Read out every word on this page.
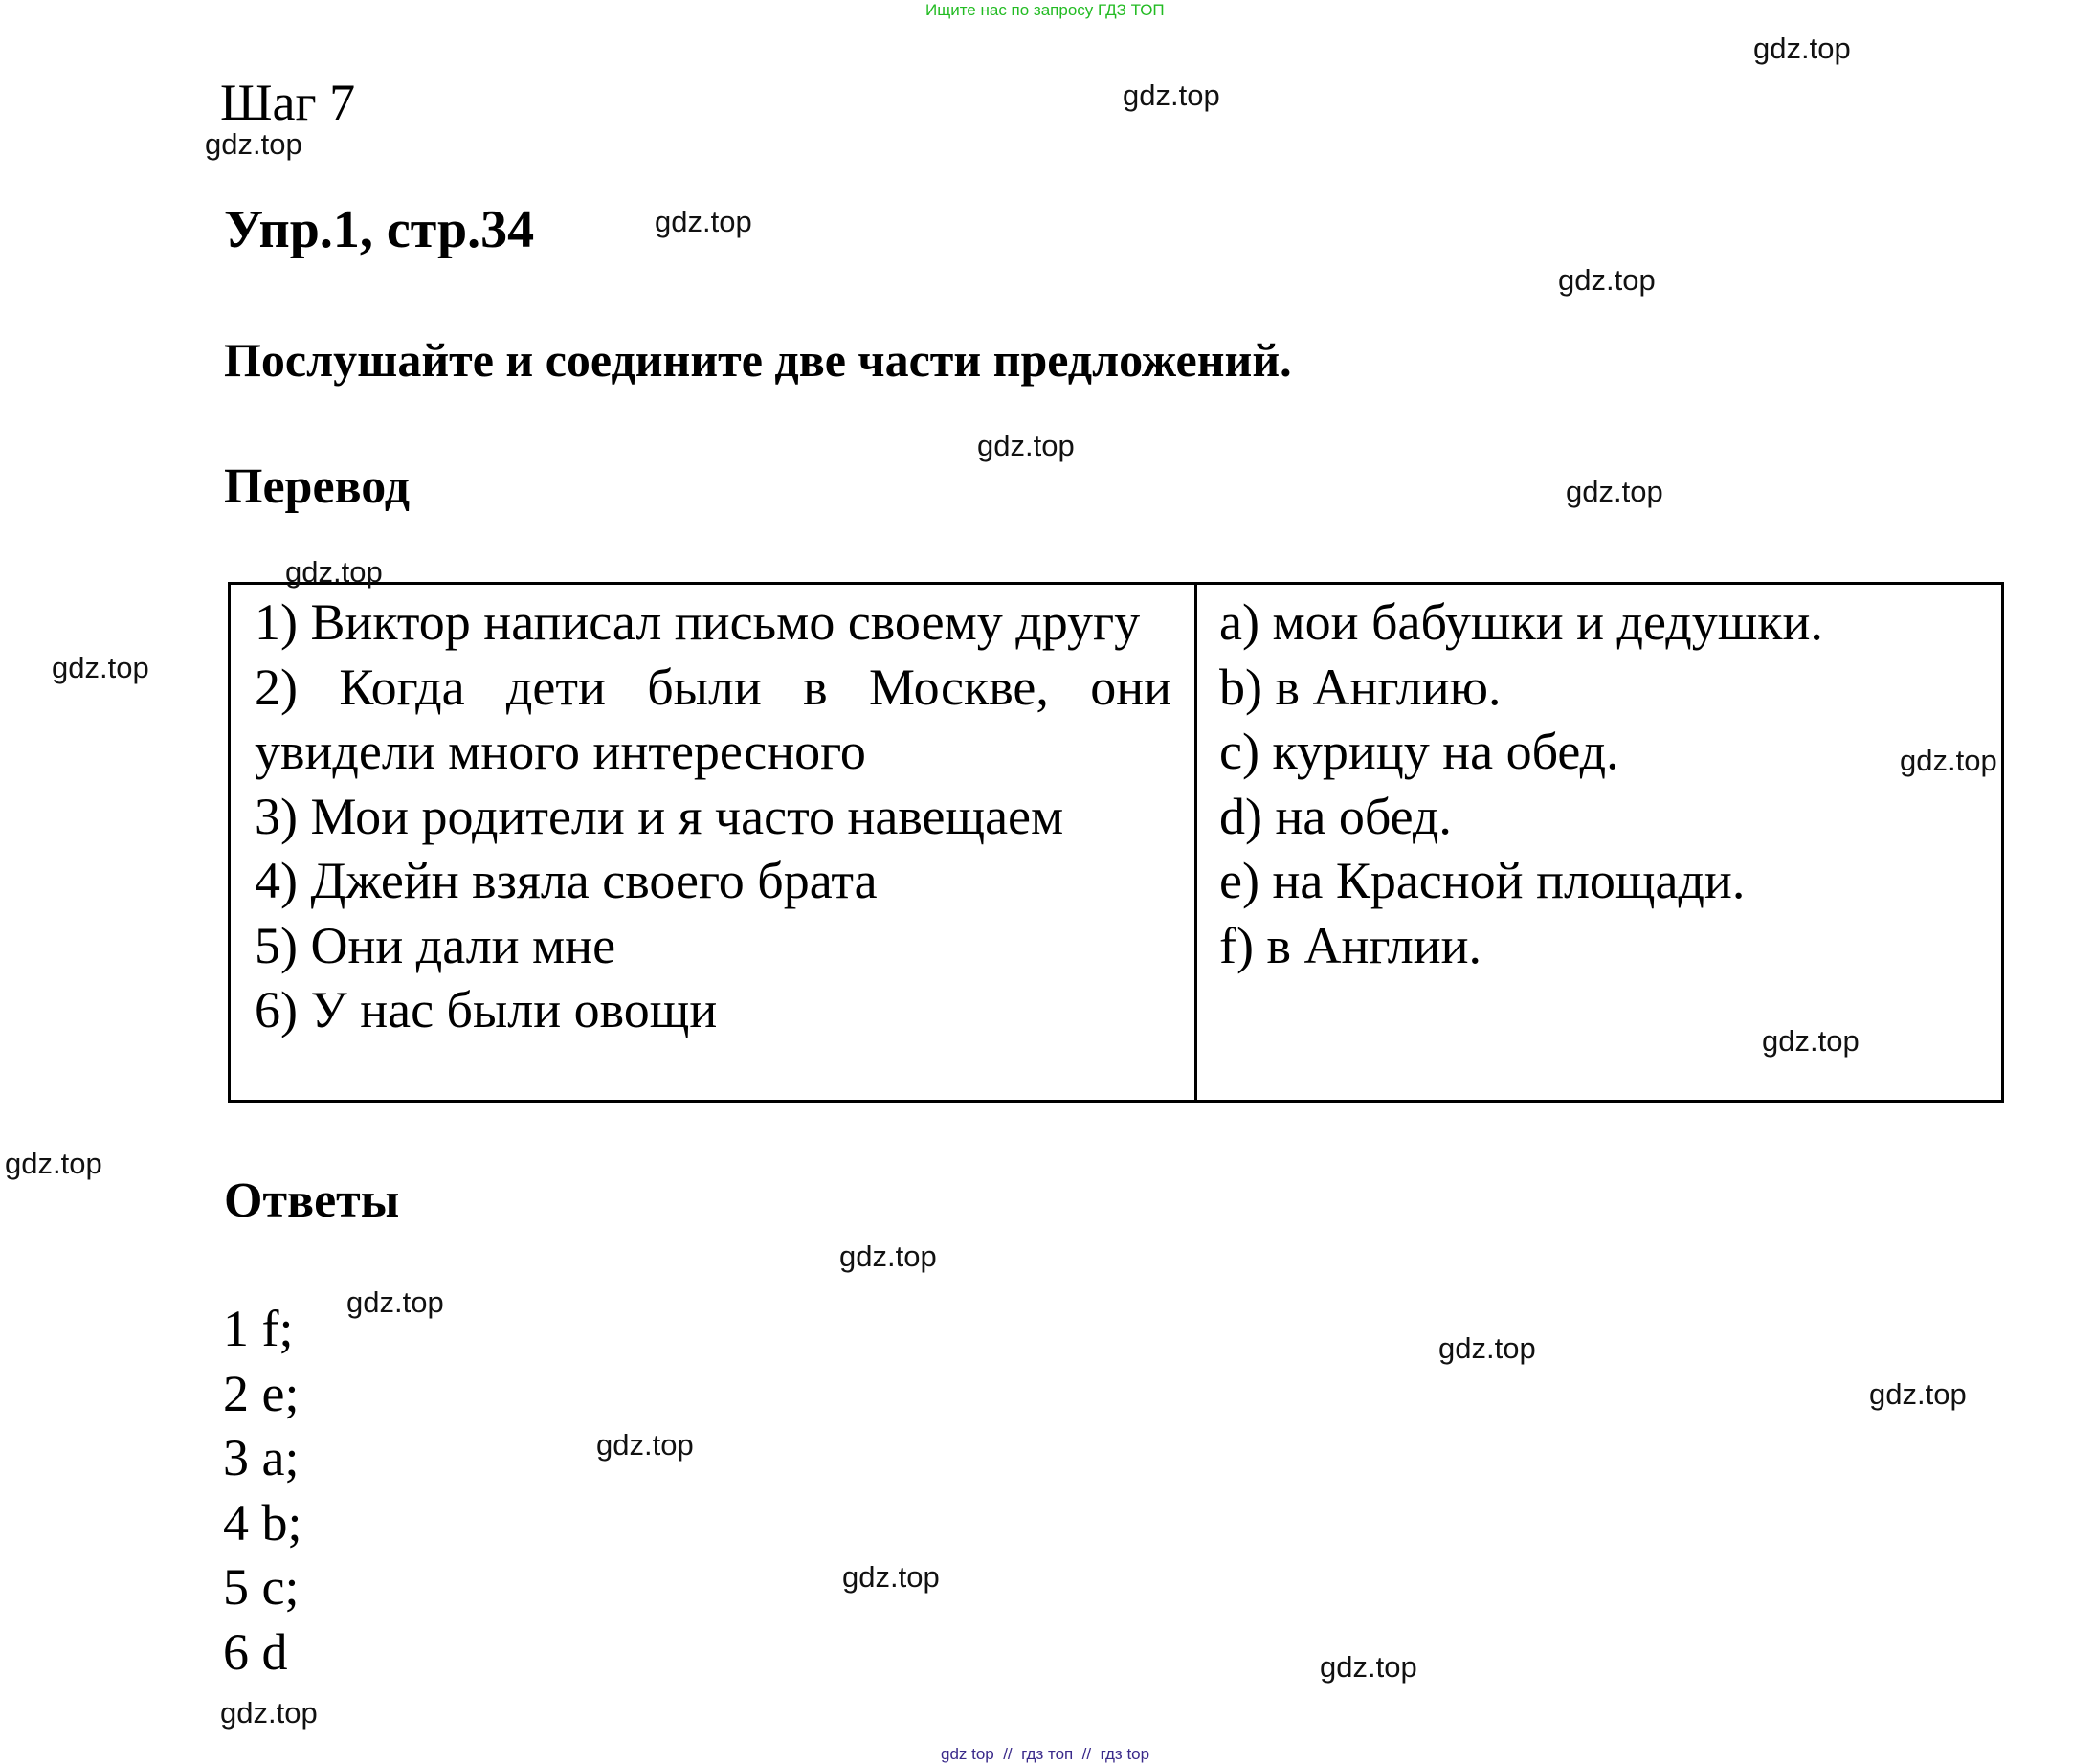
Ищите нас по запросу ГДЗ ТОП
Шаг 7
Упр.1, стр.34
Послушайте и соедините две части предложений.
Перевод

1) Виктор написал письмо своему другу

2) Когда дети были в Москве, они увидели много интересного

3) Мои родители и я часто навещаем

4) Джейн взяла своего брата

5) Они дали мне

6) У нас были овощи

a) мои бабушки и дедушки.

b) в Англию.

c) курицу на обед.

d) на обед.

e) на Красной площади.

f) в Англии.

Ответы
1 f;
2 e;
3 a;
4 b;
5 c;
6 d
gdz.top
gdz.top
gdz.top
gdz.top
gdz.top
gdz.top
gdz.top
gdz.top
gdz.top
gdz.top
gdz.top
gdz.top
gdz.top
gdz.top
gdz.top
gdz.top
gdz.top
gdz.top
gdz.top
gdz.top
gdz top  //  гдз топ  //  гдз top
